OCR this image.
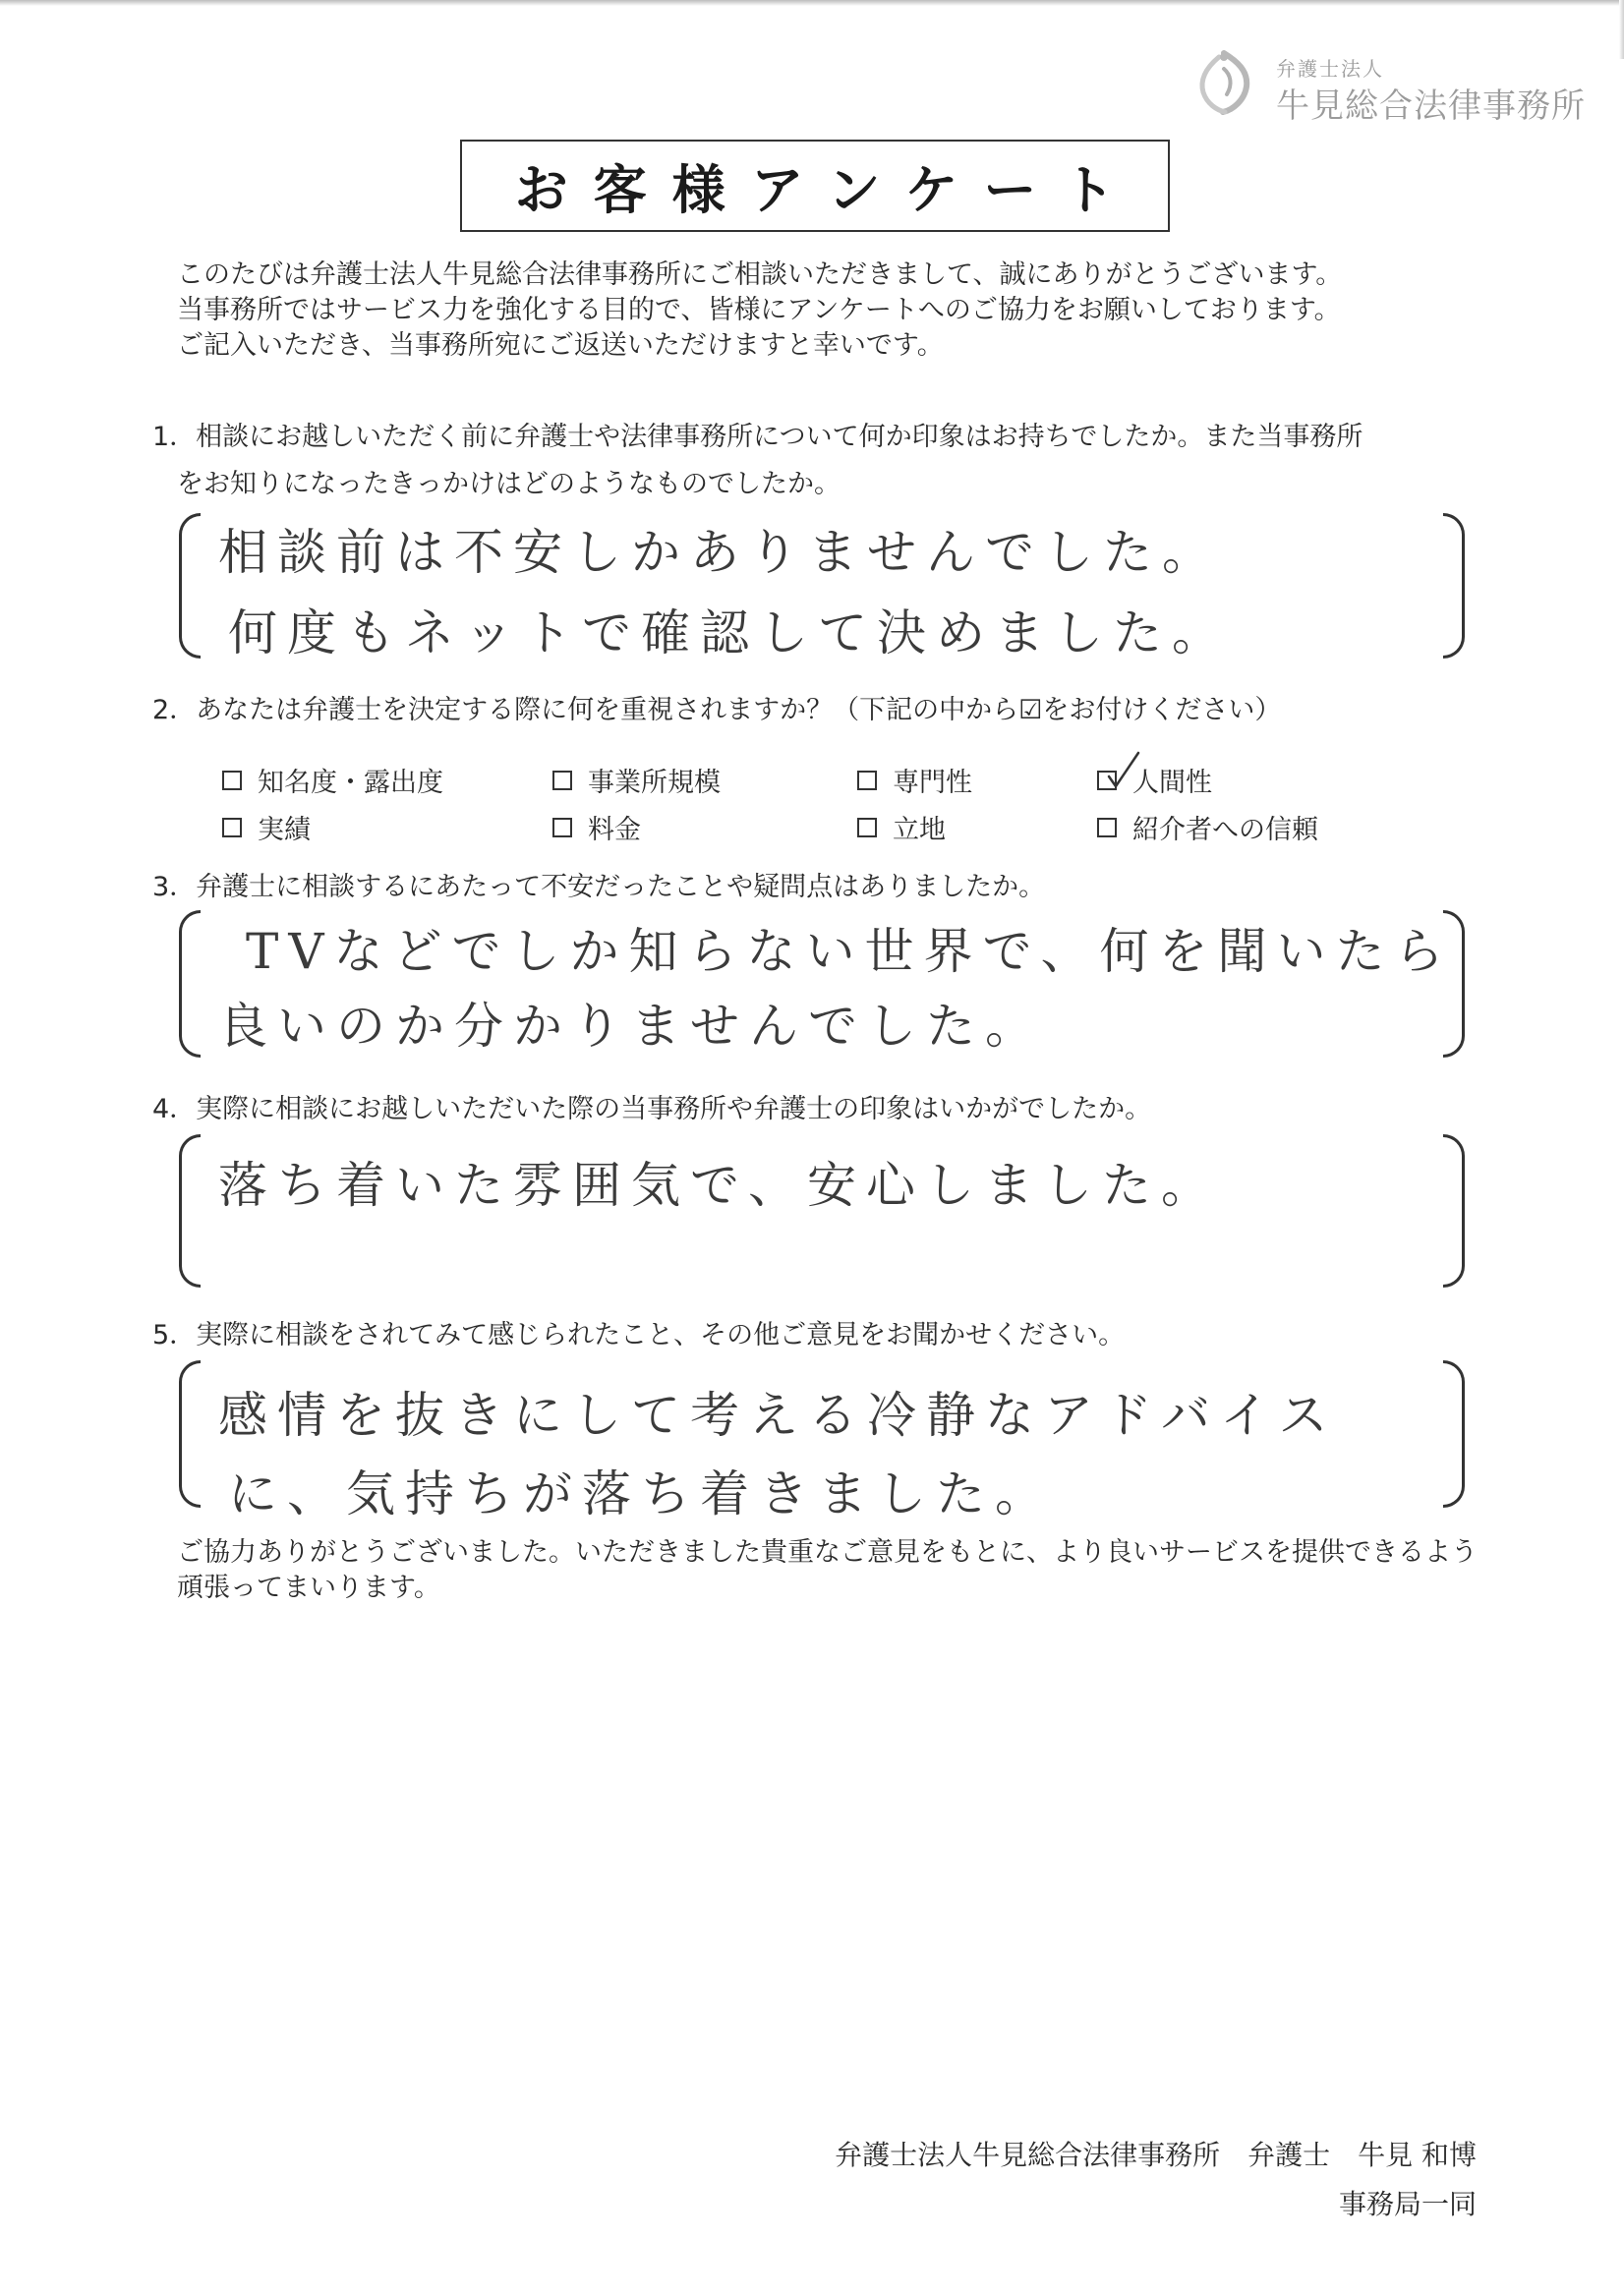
弁護士法人
牛見総合法律事務所
お客様アンケート
このたびは弁護士法人牛見総合法律事務所にご相談いただきまして、誠にありがとうございます。
当事務所ではサービス力を強化する目的で、皆様にアンケートへのご協力をお願いしております。
ご記入いただき、当事務所宛にご返送いただけますと幸いです。
1．相談にお越しいただく前に弁護士や法律事務所について何か印象はお持ちでしたか。また当事務所
をお知りになったきっかけはどのようなものでしたか。
相談前は不安しかありませんでした。
何度もネットで確認して決めました。
2．あなたは弁護士を決定する際に何を重視されますか？（下記の中から☑をお付けください）
知名度・露出度	事業所規模	専門性	人間性
実績	料金	立地	紹介者への信頼
3．弁護士に相談するにあたって不安だったことや疑問点はありましたか。
TVなどでしか知らない世界で、何を聞いたら
良いのか分かりませんでした。
4．実際に相談にお越しいただいた際の当事務所や弁護士の印象はいかがでしたか。
落ち着いた雰囲気で、安心しました。
5．実際に相談をされてみて感じられたこと、その他ご意見をお聞かせください。
感情を抜きにして考える冷静なアドバイス
に、気持ちが落ち着きました。
ご協力ありがとうございました。いただきました貴重なご意見をもとに、より良いサービスを提供できるよう
頑張ってまいります。
弁護士法人牛見総合法律事務所　弁護士　牛見 和博
事務局一同
